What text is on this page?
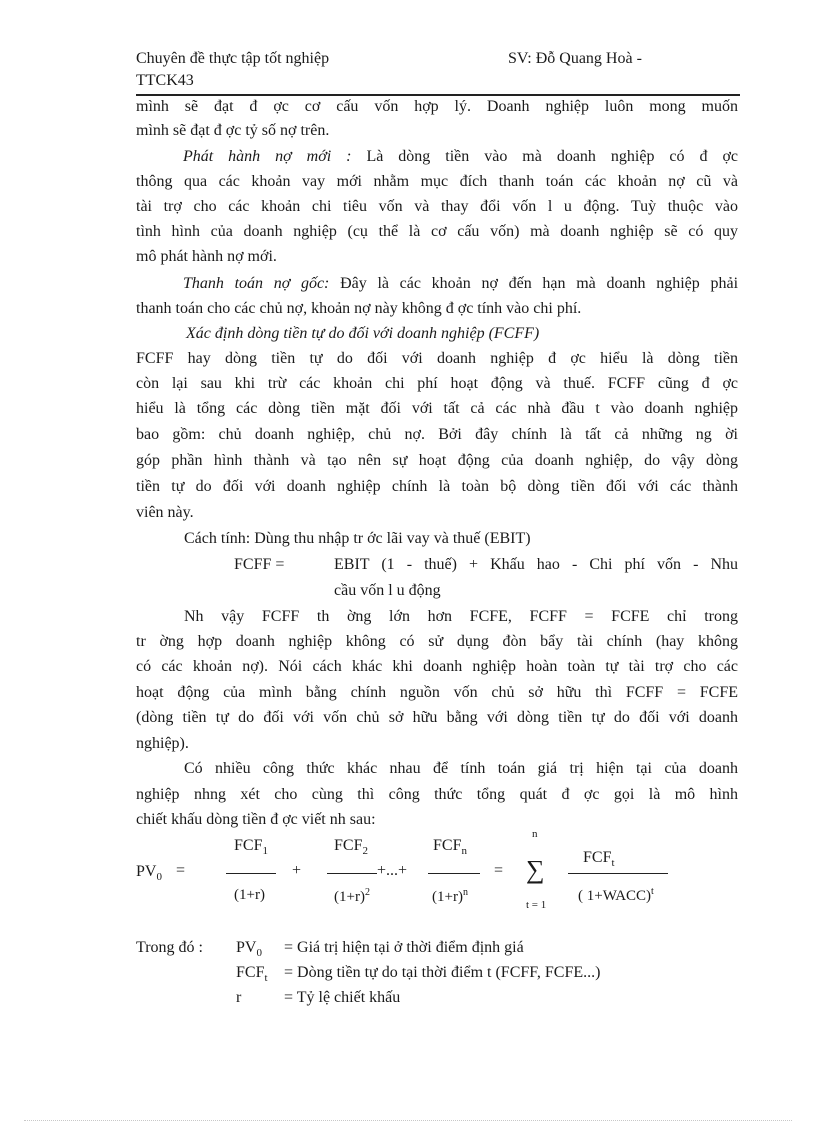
Chuyên đề thực tập tốt nghiệp
TTCK43
SV: Đỗ Quang Hoà -
mình sẽ đạt đ ợc cơ cấu vốn hợp lý. Doanh nghiệp luôn mong muốn
mình sẽ đạt đ ợc tỷ số nợ trên.
Phát hành nợ mới : Là dòng tiền vào mà doanh nghiệp có đ ợc
thông qua các khoản vay mới nhằm mục đích thanh toán các khoản nợ cũ và
tài trợ cho các khoản chi tiêu vốn và thay đổi vốn l u động. Tuỳ thuộc vào
tình hình của doanh nghiệp (cụ thể là cơ cấu vốn) mà doanh nghiệp sẽ có quy
mô phát hành nợ mới.
Thanh toán nợ gốc: Đây là các khoản nợ đến hạn mà doanh nghiệp phải
thanh toán cho các chủ nợ, khoản nợ này không đ ợc tính vào chi phí.
Xác định dòng tiền tự do đối với doanh nghiệp (FCFF)
FCFF hay dòng tiền tự do đối với doanh nghiệp đ ợc hiểu là dòng tiền
còn lại sau khi trừ các khoản chi phí hoạt động và thuế. FCFF cũng đ ợc
hiểu là tổng các dòng tiền mặt đối với tất cả các nhà đầu t vào doanh nghiệp
bao gồm: chủ doanh nghiệp, chủ nợ. Bởi đây chính là tất cả những ng ời
góp phần hình thành và tạo nên sự hoạt động của doanh nghiệp, do vậy dòng
tiền tự do đối với doanh nghiệp chính là toàn bộ dòng tiền đối với các thành
viên này.
Cách tính: Dùng thu nhập tr ớc lãi vay và thuế (EBIT)
FCFF =	EBIT (1 - thuế) + Khấu hao - Chi phí vốn - Nhu
cầu vốn l u động
Nh vậy FCFF th ờng lớn hơn FCFE, FCFF = FCFE chỉ trong
tr ờng hợp doanh nghiệp không có sử dụng đòn bẩy tài chính (hay không
có các khoản nợ). Nói cách khác khi doanh nghiệp hoàn toàn tự tài trợ cho các
hoạt động của mình bằng chính nguồn vốn chủ sở hữu thì FCFF = FCFE
(dòng tiền tự do đối với vốn chủ sở hữu bằng với dòng tiền tự do đối với doanh
nghiệp).
Có nhiều công thức khác nhau để tính toán giá trị hiện tại của doanh
nghiệp nhng xét cho cùng thì công thức tổng quát đ ợc gọi là mô hình
chiết khấu dòng tiền đ ợc viết nh sau:
$PV_0$ =
$FCF_1$
(1+r)
+
$FCF_2$
$(1+r)^2$
+...+
$FCF_n$
$(1+r)^n$
=
n
∑
t = 1
$FCF_t$
( 1+WACC)$^t$
Trong đó : $PV_0$ = Giá trị hiện tại ở thời điểm định giá
$FCF_t$ = Dòng tiền tự do tại thời điểm t (FCFF, FCFE...)
r	= Tỷ lệ chiết khấu
